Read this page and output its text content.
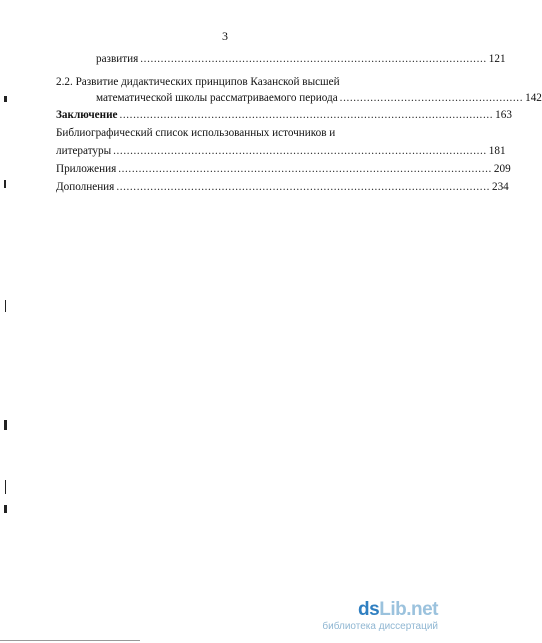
3
развития ...................................................................................................... 121
2.2. Развитие дидактических принципов Казанской высшей
математической школы рассматриваемого периода ...................................................... 142
Заключение .............................................................................................................. 163
Библиографический список использованных источников и
литературы .............................................................................................................. 181
Приложения .............................................................................................................. 209
Дополнения .............................................................................................................. 234
dsLib.net
библиотека диссертаций
